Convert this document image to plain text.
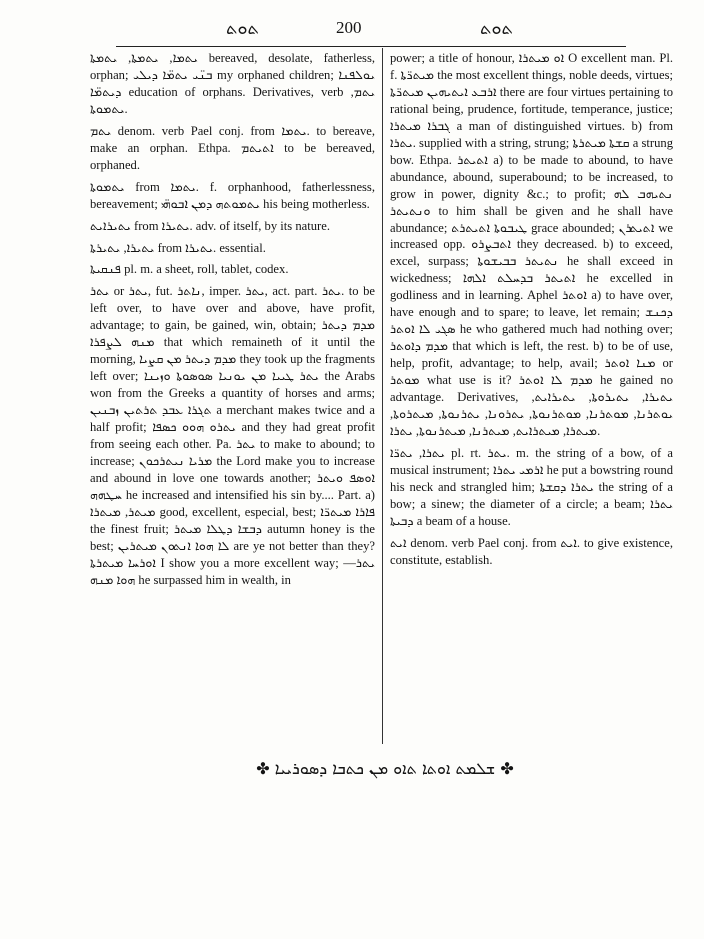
ܬܘܬ	200	ܬܘܬ

ܝܬܡܐ, ܝܬܡܬܐ, ܝܬܡܬܐ bereaved, desolate, fatherless, orphan; ܒܢ̈ܝ ܝܬܡ̈ܐ ܕܝܠܝ my orphaned children; ܝܘܠܦܢܐ ܕܝܬܡ̈ܐ education of orphans. Derivatives, verb ܝܬܡ, ܝܬܡܘܬܐ.

ܝܬܡ denom. verb Pael conj. from ܝܬܡܐ. to bereave, make an orphan. Ethpa. ܐܬܝܬܡ to be bereaved, orphaned.

ܝܬܡܘܬܐ from ܝܬܡܐ. f. orphanhood, fatherlessness, bereavement; ܝܬܡܘܬܗ ܕܡܢ ܐܒܘܗ̈ܝ his being motherless.

ܝܬܝܪܐܝܬ from ܝܬܝܪܐ. adv. of itself, by its nature.

ܝܬܝܪܐ, ܝܬܝܪܬܐ from ܝܬܝܪܐ. essential.

ܦܢܩܝܬܐ pl. m. a sheet, roll, tablet, codex.

ܝܬܪ or ܝܬܪ, fut. ܢܐܬܪ, imper. ܝܬܪ, act. part. ܝܬܪ. to be left over, to have over and above, have profit, advantage; to gain, be gained, win, obtain; ܡܕܡ ܕܝܬܪ ܡܢܗ ܠܨܦܪܐ that which remaineth of it until the morning, ܡܕܡ ܕܝܬܪ ܡܢ ܩܨܝܐ they took up the fragments left over; ܝܬܪ ܛܝܝܐ ܡܢ ܝܘܢܝܐ ܣܘܣܘܬܐ ܘܙܝܢܐ the Arabs won from the Greeks a quantity of horses and arms; ܬܓܪܐ ܥܒܕ ܬܪܬܝܢ ܙܒܢܝܢ a merchant makes twice and a half profit; ܝܬܪܘ ܗܘܘ ܟܣܦܐ and they had great profit from seeing each other. Pa. ܝܬܪ to make to abound; to increase; ܡܪܝܐ ܢܝܬܪܟܘܢ the Lord make you to increase and abound in love one towards another; ܐܘܣܦ ܘܝܬܪ ܚܛܗܗ he increased and intensified his sin by.... Part. a) ܡܝܬܪ, ܡܝܬܪܐ good, excellent, especial, best; ܦܐܪܐ ܡܝܬܪ̈ܐ the finest fruit; ܕܒܫܐ ܕܛܠܐ ܡܝܬܪ autumn honey is the best; ܠܐ ܗܘܐ ܐܢܬܘܢ ܡܝܬܪܝܢ are ye not better than they? ܐܘܪܚܐ ܡܝܬܪܬܐ I show you a more excellent way; —ܝܬܪ ܗܘܐ ܡܢܗ he surpassed him in wealth, in

power; a title of honour, ܐܘ ܡܝܬܪܐ O excellent man. Pl. f. ܡܝܬܪ̈ܬܐ the most excellent things, noble deeds, virtues; ܐܪܒܥ ܐܝܬܝܗܝܢ ܡܝܬܪ̈ܬܐ there are four virtues pertaining to rational being, prudence, fortitude, temperance, justice; ܓܒܪܐ ܡܝܬܪܐ a man of distinguished virtues. b) from ܝܬܪܐ. supplied with a string, strung; ܩܫܬܐ ܡܝܬܪܬܐ a strung bow. Ethpa. ܐܬܝܬܪ a) to be made to abound, to have abundance, abound, superabound; to be increased, to grow in power, dignity &c.; to profit; ܢܬܝܗܒ ܠܗ ܘܢܬܝܬܪ to him shall be given and he shall have abundance; ܛܝܒܘܬܐ ܐܬܝܬܪܬ grace abounded; ܐܬܝܬܪܢ we increased opp. ܐܬܒܨܪܘ they decreased. b) to exceed, excel, surpass; ܢܬܝܬܪ ܒܒܝܫܘܬܐ he shall exceed in wickedness; ܐܬܝܬܪ ܒܕܚܠܬ ܐܠܗܐ he excelled in godliness and in learning. Aphel ܐܘܬܪ a) to have over, have enough and to spare; to leave, let remain; ܕܟܢܫ ܣܓܝ ܠܐ ܐܘܬܪ he who gathered much had nothing over; ܡܕܡ ܕܐܘܬܪ that which is left, the rest. b) to be of use, help, profit, advantage; to help, avail; ܡܢܐ ܐܘܬܪ or ܡܘܬܪ what use is it? ܡܕܡ ܠܐ ܐܘܬܪ he gained no advantage. Derivatives, ܝܬܝܪܐ, ܝܬܝܪܘܬܐ, ܝܬܝܪܐܝܬ, ܝܘܬܪܢܐ, ܡܘܬܪܢܐ, ܡܘܬܪܢܘܬܐ, ܝܬܪܘܢܐ, ܝܬܪܢܘܬܐ, ܡܝܬܪܘܬܐ, ܡܝܬܪܐ, ܡܝܬܪܐܝܬ, ܡܝܬܪܢܐ, ܡܝܬܪܢܘܬܐ, ܝܬܪܐ.

ܝܬܪܐ, ܝܬܪ̈ܐ pl. rt. ܝܬܪ. m. the string of a bow, of a musical instrument; ܐܪܡܝ ܝܬܪܐ he put a bowstring round his neck and strangled him; ܝܬܪܐ ܕܩܫܬܐ the string of a bow; a sinew; the diameter of a circle; a beam; ܝܬܪܐ ܕܒܝܬܐ a beam of a house.

ܐܝܬ denom. verb Pael conj. from ܐܝܬ. to give existence, constitute, establish.

✤ ܫܠܡܬ ܐܘܬܐ ܬܐܘ ܡܢ ܟܬܒܐ ܕܣܘܪܝܝܐ ✤
